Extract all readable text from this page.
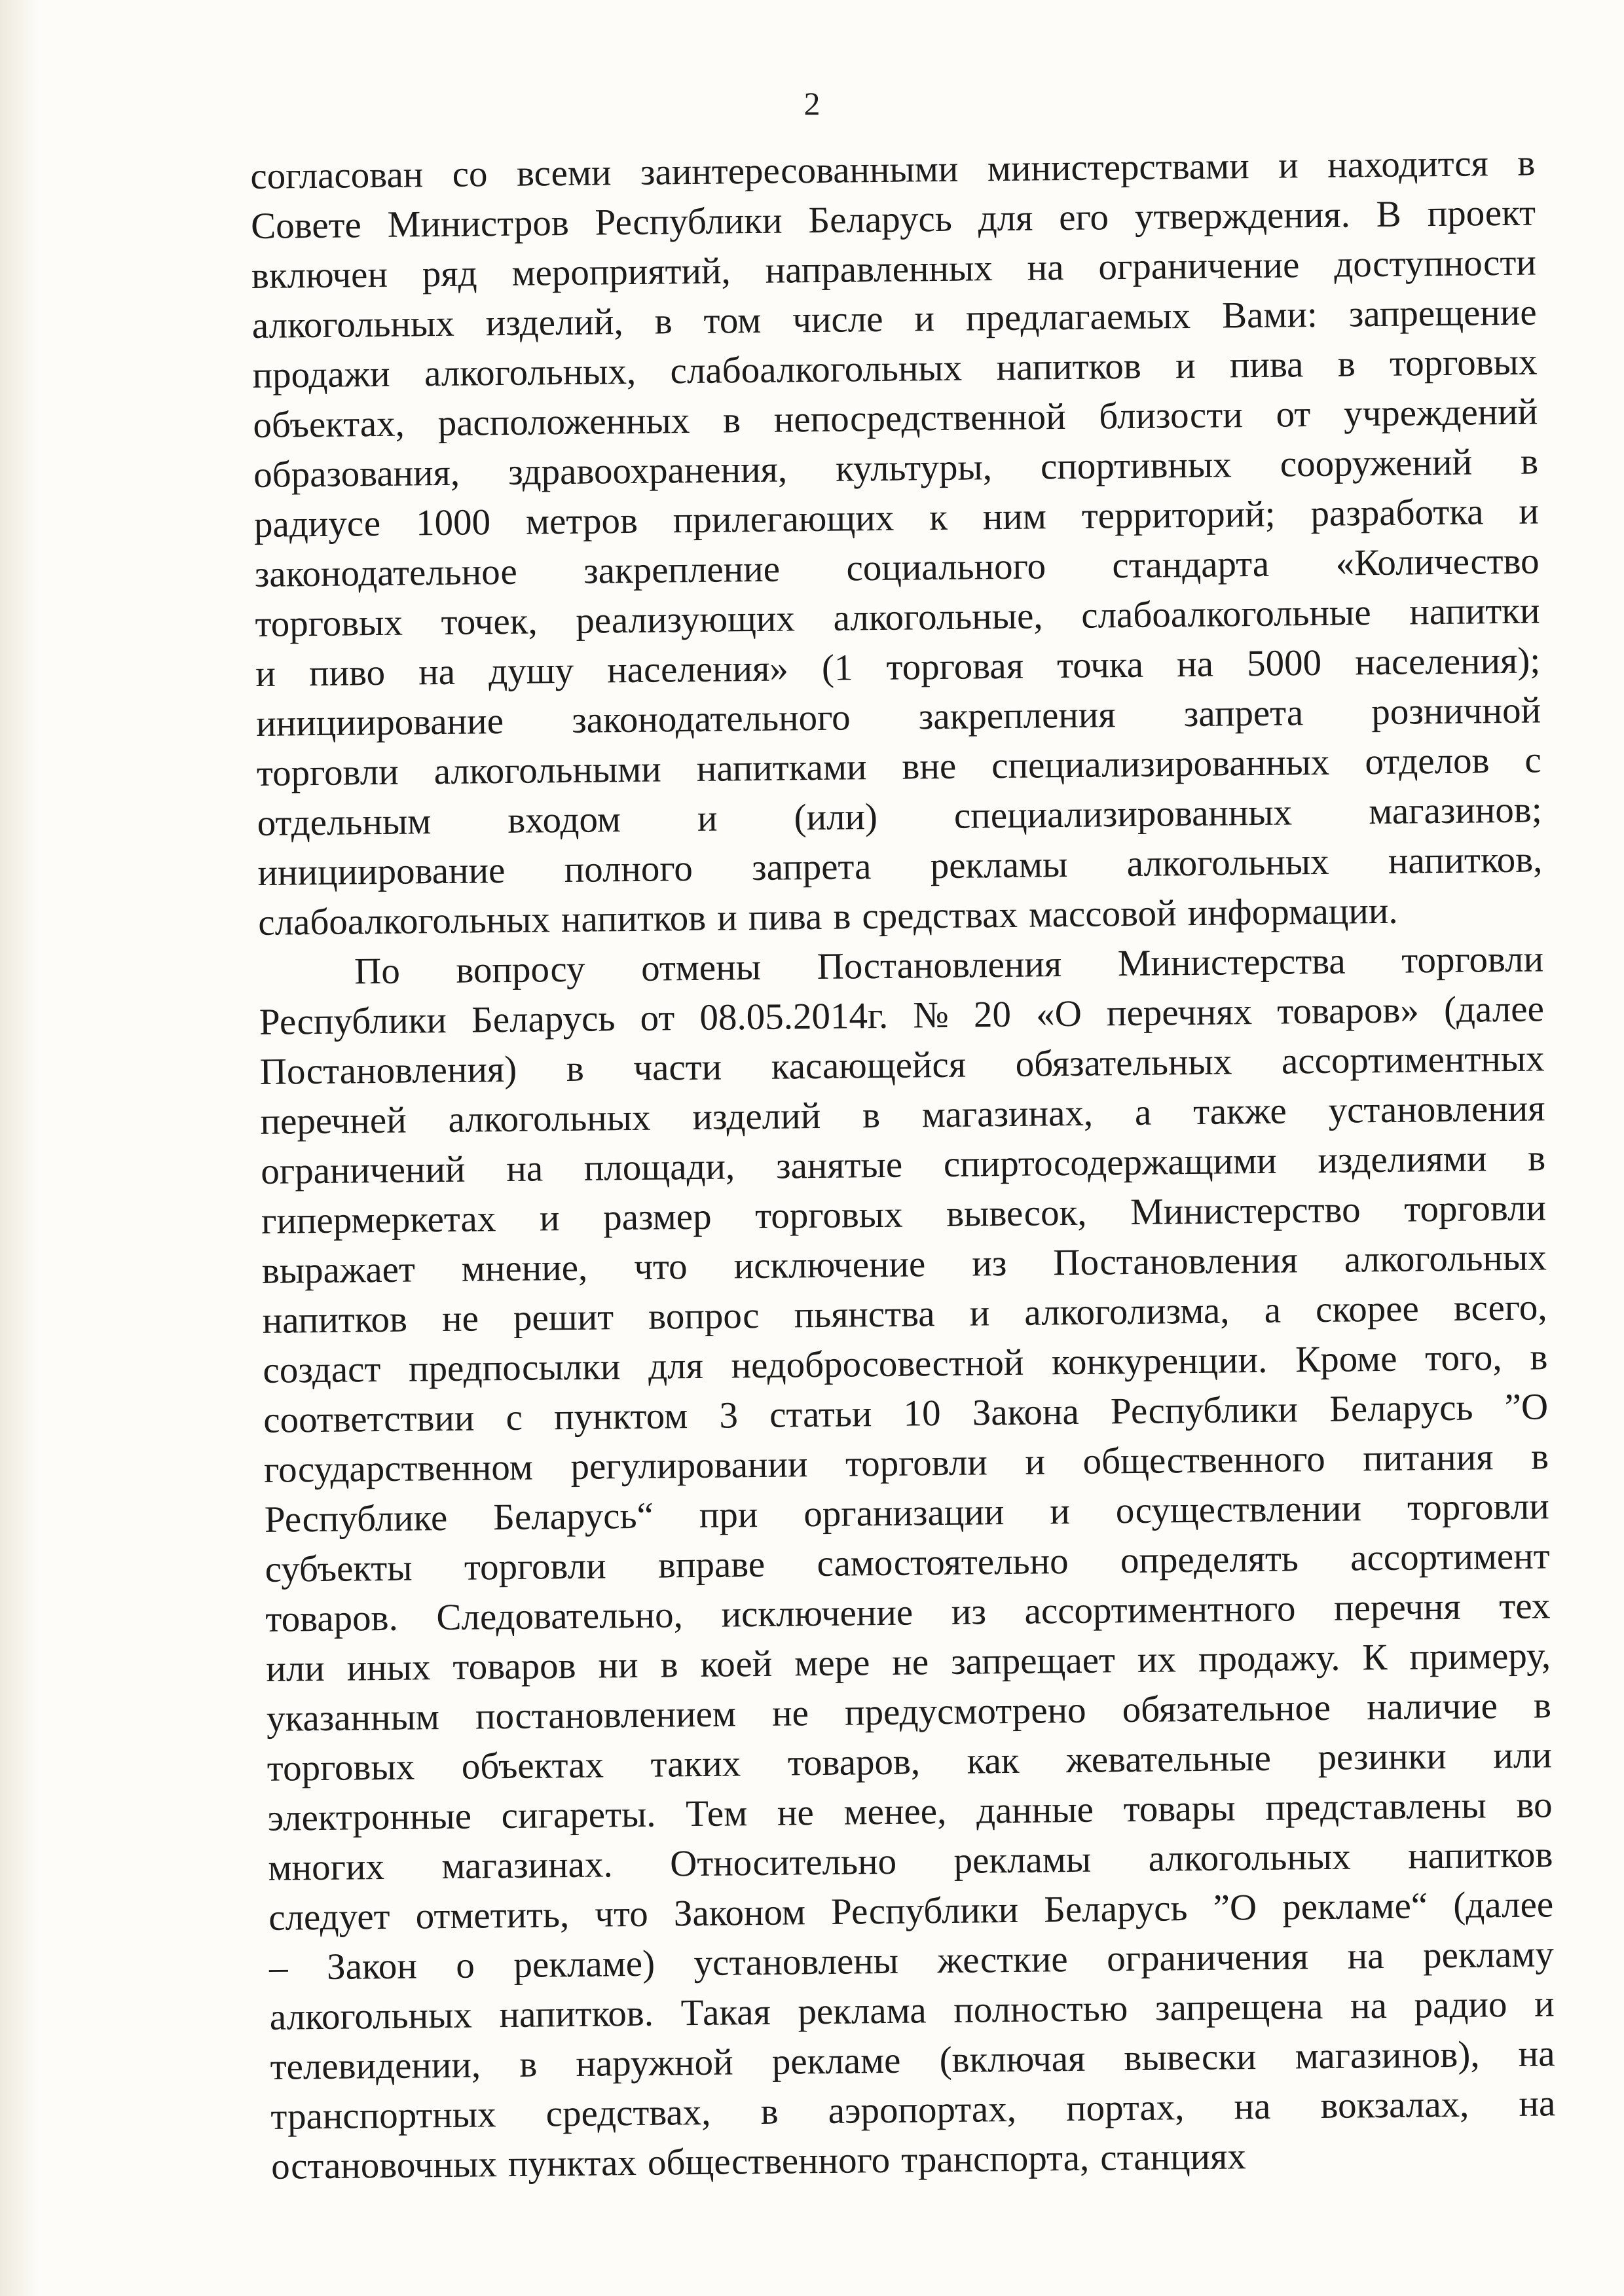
2
согласован со всеми заинтересованными министерствами и находится в
Совете Министров Республики Беларусь для его утверждения. В проект
включен ряд мероприятий, направленных на ограничение доступности
алкогольных изделий, в том числе и предлагаемых Вами: запрещение
продажи алкогольных, слабоалкогольных напитков и пива в торговых
объектах, расположенных в непосредственной близости от учреждений
образования, здравоохранения, культуры, спортивных сооружений в
радиусе 1000 метров прилегающих к ним территорий; разработка и
законодательное закрепление социального стандарта «Количество
торговых точек, реализующих алкогольные, слабоалкогольные напитки
и пиво на душу населения» (1 торговая точка на 5000 населения);
инициирование законодательного закрепления запрета розничной
торговли алкогольными напитками вне специализированных отделов с
отдельным входом и (или) специализированных магазинов;
инициирование полного запрета рекламы алкогольных напитков,
слабоалкогольных напитков и пива в средствах массовой информации.
По вопросу отмены Постановления Министерства торговли
Республики Беларусь от 08.05.2014г. № 20 «О перечнях товаров» (далее
Постановления) в части касающейся обязательных ассортиментных
перечней алкогольных изделий в магазинах, а также установления
ограничений на площади, занятые спиртосодержащими изделиями в
гипермеркетах и размер торговых вывесок, Министерство торговли
выражает мнение, что исключение из Постановления алкогольных
напитков не решит вопрос пьянства и алкоголизма, а скорее всего,
создаст предпосылки для недобросовестной конкуренции. Кроме того, в
соответствии с пунктом 3 статьи 10 Закона Республики Беларусь ”О
государственном регулировании торговли и общественного питания в
Республике Беларусь“ при организации и осуществлении торговли
субъекты торговли вправе самостоятельно определять ассортимент
товаров. Следовательно, исключение из ассортиментного перечня тех
или иных товаров ни в коей мере не запрещает их продажу. К примеру,
указанным постановлением не предусмотрено обязательное наличие в
торговых объектах таких товаров, как жевательные резинки или
электронные сигареты. Тем не менее, данные товары представлены во
многих магазинах. Относительно рекламы алкогольных напитков
следует отметить, что Законом Республики Беларусь ”О рекламе“ (далее
– Закон о рекламе) установлены жесткие ограничения на рекламу
алкогольных напитков. Такая реклама полностью запрещена на радио и
телевидении, в наружной рекламе (включая вывески магазинов), на
транспортных средствах, в аэропортах, портах, на вокзалах, на
остановочных пунктах общественного транспорта, станциях
